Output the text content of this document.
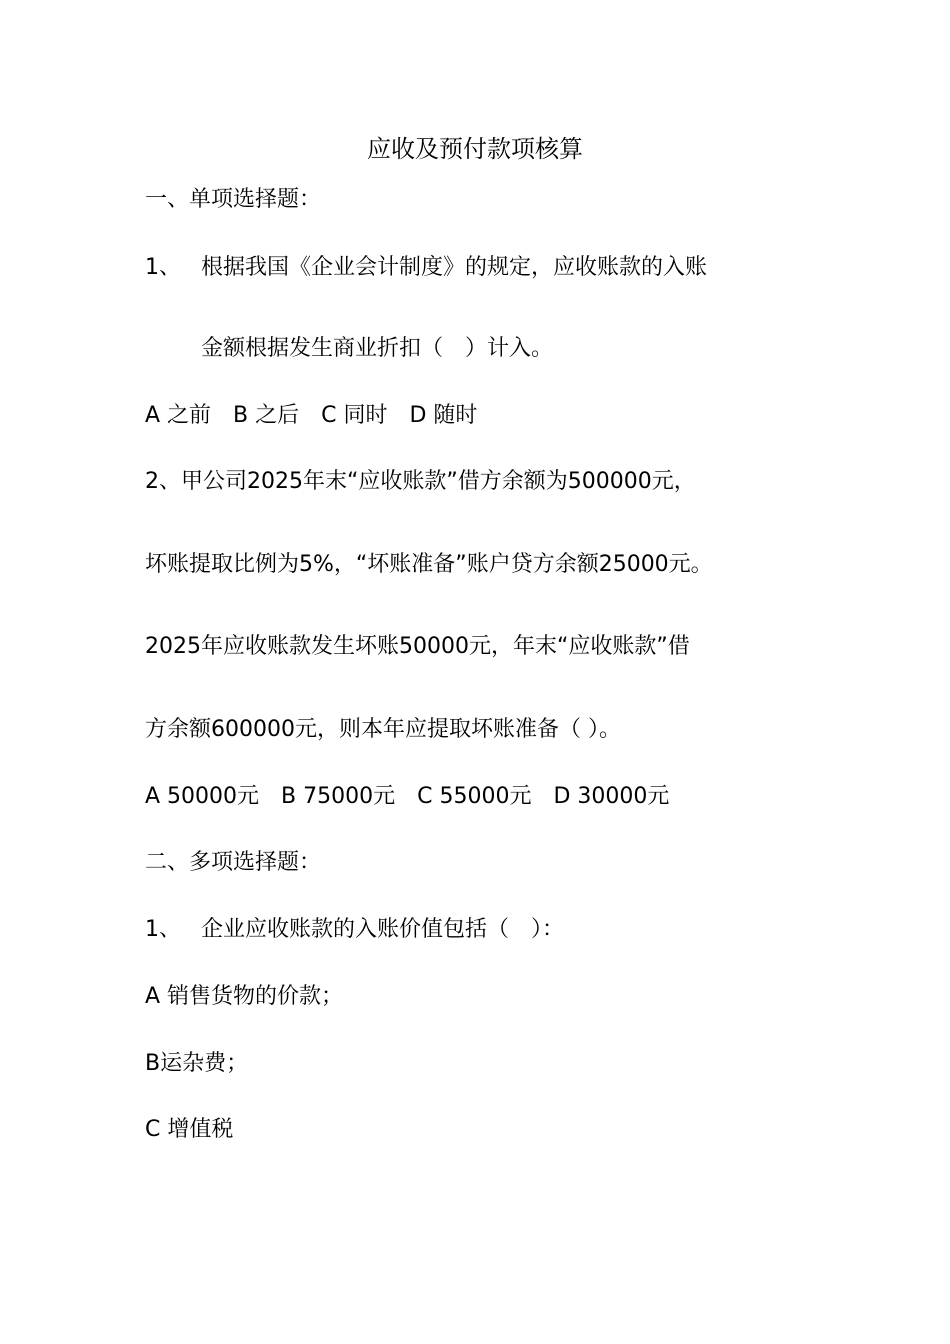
应收及预付款项核算
一、单项选择题：
1、 根据我国《企业会计制度》的规定，应收账款的入账
金额根据发生商业折扣（　）计入。
A 之前　B 之后　C 同时　D 随时
2、甲公司2025年末“应收账款”借方余额为500000元，
坏账提取比例为5%，“坏账准备”账户贷方余额25000元。
2025年应收账款发生坏账50000元，年末“应收账款”借
方余额600000元，则本年应提取坏账准备（ ）。
A 50000元　B 75000元　C 55000元　D 30000元
二、多项选择题：
1、 企业应收账款的入账价值包括（　）：
A 销售货物的价款；
B运杂费；
C 增值税
